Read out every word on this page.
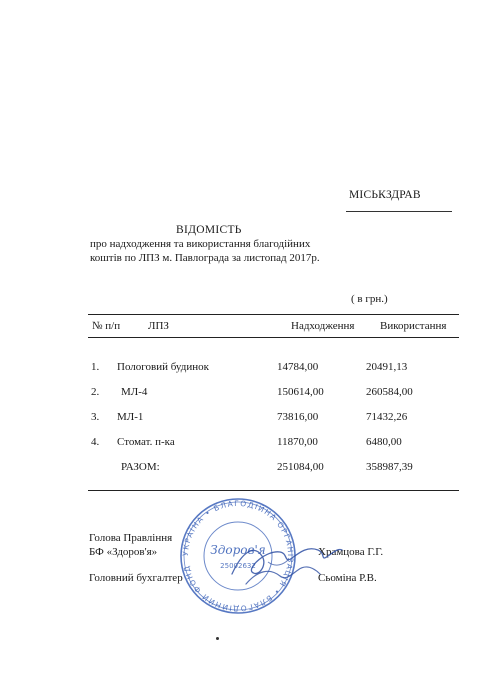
МІСЬКЗДРАВ
ВІДОМІСТЬ
про надходження та використання благодійних
коштів по ЛПЗ м. Павлограда за листопад 2017р.
( в грн.)
№ п/п	ЛПЗ	Надходження Використання
1. Пологовий будинок	14784,00	20491,13
2. МЛ-4	150614,00	260584,00
3. МЛ-1	73816,00	71432,26
4. Стомат. п-ка	11870,00	6480,00
РАЗОМ:	251084,00	358987,39
Голова Правління
БФ «Здоров'я»	Храмцова Г.Г.
Головний бухгалтер	Сьоміна Р.В.
УКРАЇНА • БЛАГОДІЙНА ОРГАНІЗАЦІЯ • БЛАГОДІЙНИЙ ФОНД
Здоров'я
25002632
